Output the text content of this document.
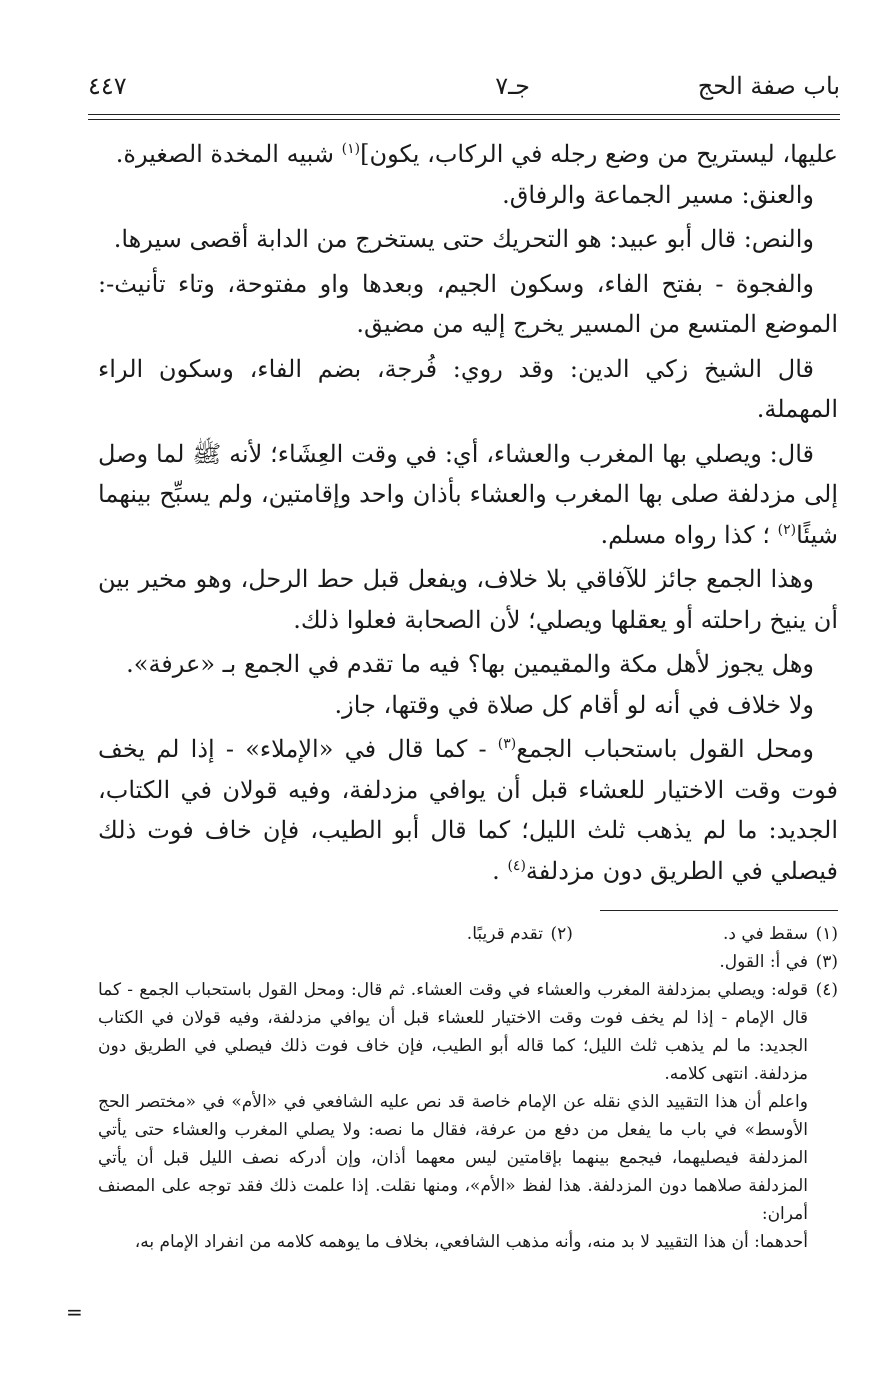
باب صفة الحج
جـ٧
٤٤٧

عليها، ليستريح من وضع رجله في الركاب، يكون]$^{(١)}$ شبيه المخدة الصغيرة.

والعنق: مسير الجماعة والرفاق.

والنص: قال أبو عبيد: هو التحريك حتى يستخرج من الدابة أقصى سيرها.

والفجوة - بفتح الفاء، وسكون الجيم، وبعدها واو مفتوحة، وتاء تأنيث-: الموضع المتسع من المسير يخرج إليه من مضيق.

قال الشيخ زكي الدين: وقد روي: فُرجة، بضم الفاء، وسكون الراء المهملة.

قال: ويصلي بها المغرب والعشاء، أي: في وقت العِشَاء؛ لأنه ﷺ لما وصل إلى مزدلفة صلى بها المغرب والعشاء بأذان واحد وإقامتين، ولم يسبِّح بينهما شيئًا$^{(٢)}$ ؛ كذا رواه مسلم.

وهذا الجمع جائز للآفاقي بلا خلاف، ويفعل قبل حط الرحل، وهو مخير بين أن ينيخ راحلته أو يعقلها ويصلي؛ لأن الصحابة فعلوا ذلك.

وهل يجوز لأهل مكة والمقيمين بها؟ فيه ما تقدم في الجمع بـ «عرفة».

ولا خلاف في أنه لو أقام كل صلاة في وقتها، جاز.

ومحل القول باستحباب الجمع$^{(٣)}$ - كما قال في «الإملاء» - إذا لم يخف فوت وقت الاختيار للعشاء قبل أن يوافي مزدلفة، وفيه قولان في الكتاب، الجديد: ما لم يذهب ثلث الليل؛ كما قال أبو الطيب، فإن خاف فوت ذلك فيصلي في الطريق دون مزدلفة$^{(٤)}$ .

(١)
سقط في د.
(٢)
تقدم قريبًا.
(٣)
في أ: القول.
(٤)
قوله: ويصلي بمزدلفة المغرب والعشاء في وقت العشاء. ثم قال: ومحل القول باستحباب الجمع - كما قال الإمام - إذا لم يخف فوت وقت الاختيار للعشاء قبل أن يوافي مزدلفة، وفيه قولان في الكتاب الجديد: ما لم يذهب ثلث الليل؛ كما قاله أبو الطيب، فإن خاف فوت ذلك فيصلي في الطريق دون مزدلفة. انتهى كلامه.
واعلم أن هذا التقييد الذي نقله عن الإمام خاصة قد نص عليه الشافعي في «الأم» في «مختصر الحج الأوسط» في باب ما يفعل من دفع من عرفة، فقال ما نصه: ولا يصلي المغرب والعشاء حتى يأتي المزدلفة فيصليهما، فيجمع بينهما بإقامتين ليس معهما أذان، وإن أدركه نصف الليل قبل أن يأتي المزدلفة صلاهما دون المزدلفة. هذا لفظ «الأم»، ومنها نقلت. إذا علمت ذلك فقد توجه على المصنف أمران:
أحدهما: أن هذا التقييد لا بد منه، وأنه مذهب الشافعي، بخلاف ما يوهمه كلامه من انفراد الإمام به،
=
